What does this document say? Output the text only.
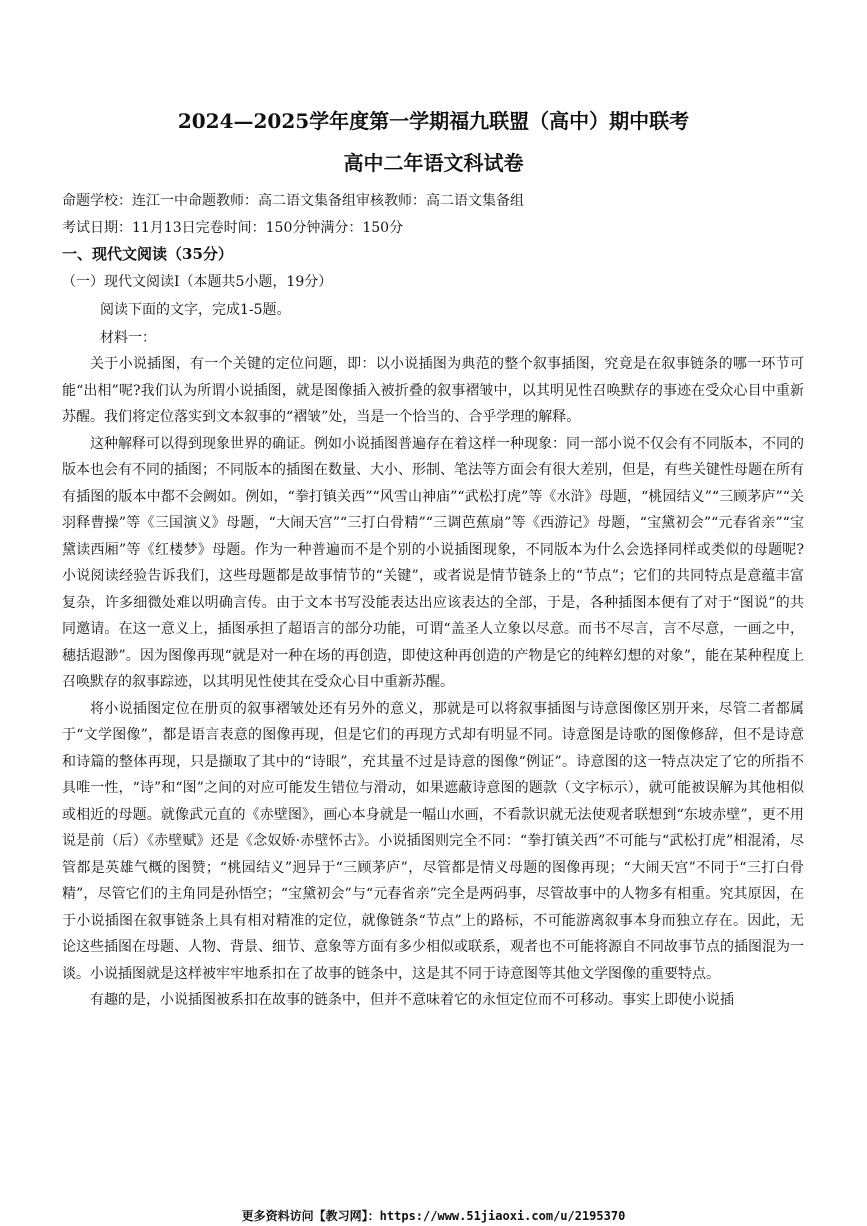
2024—2025学年度第一学期福九联盟（高中）期中联考
高中二年语文科试卷
命题学校：连江一中命题教师：高二语文集备组审核教师：高二语文集备组
考试日期：11月13日完卷时间：150分钟满分：150分
一、现代文阅读（35分）
（一）现代文阅读Ⅰ（本题共5小题，19分）
阅读下面的文字，完成1-5题。
材料一：

关于小说插图，有一个关键的定位问题，即：以小说插图为典范的整个叙事插图，究竟是在叙事链条的哪一环节可能“出相”呢?我们认为所谓小说插图，就是图像插入被折叠的叙事褶皱中，以其明见性召唤默存的事迹在受众心目中重新苏醒。我们将定位落实到文本叙事的“褶皱”处，当是一个恰当的、合乎学理的解释。

这种解释可以得到现象世界的确证。例如小说插图普遍存在着这样一种现象：同一部小说不仅会有不同版本，不同的版本也会有不同的插图；不同版本的插图在数量、大小、形制、笔法等方面会有很大差别，但是，有些关键性母题在所有有插图的版本中都不会阙如。例如，“拳打镇关西”“风雪山神庙”“武松打虎”等《水浒》母题，“桃园结义”“三顾茅庐”“关羽释曹操”等《三国演义》母题，“大闹天宫”“三打白骨精”“三调芭蕉扇”等《西游记》母题，“宝黛初会”“元春省亲”“宝黛读西厢”等《红楼梦》母题。作为一种普遍而不是个别的小说插图现象，不同版本为什么会选择同样或类似的母题呢?小说阅读经验告诉我们，这些母题都是故事情节的“关键”，或者说是情节链条上的“节点”；它们的共同特点是意蕴丰富复杂，许多细微处难以明确言传。由于文本书写没能表达出应该表达的全部，于是，各种插图本便有了对于“图说”的共同邀请。在这一意义上，插图承担了超语言的部分功能，可谓“盖圣人立象以尽意。而书不尽言，言不尽意，一画之中，穗括遐渺”。因为图像再现“就是对一种在场的再创造，即使这种再创造的产物是它的纯粹幻想的对象”，能在某种程度上召唤默存的叙事踪迹，以其明见性使其在受众心目中重新苏醒。

将小说插图定位在册页的叙事褶皱处还有另外的意义，那就是可以将叙事插图与诗意图像区别开来，尽管二者都属于“文学图像”，都是语言表意的图像再现，但是它们的再现方式却有明显不同。诗意图是诗歌的图像修辞，但不是诗意和诗篇的整体再现，只是撷取了其中的“诗眼”，充其量不过是诗意的图像“例证”。诗意图的这一特点决定了它的所指不具唯一性，“诗”和“图”之间的对应可能发生错位与滑动，如果遮蔽诗意图的题款（文字标示），就可能被误解为其他相似或相近的母题。就像武元直的《赤壁图》，画心本身就是一幅山水画，不看款识就无法使观者联想到“东坡赤壁”，更不用说是前（后）《赤壁赋》还是《念奴娇·赤壁怀古》。小说插图则完全不同：“拳打镇关西”不可能与“武松打虎”相混淆，尽管都是英雄气概的图赞；“桃园结义”迥异于“三顾茅庐”，尽管都是情义母题的图像再现；“大闹天宫”不同于“三打白骨精”，尽管它们的主角同是孙悟空；“宝黛初会”与“元春省亲”完全是两码事，尽管故事中的人物多有相重。究其原因，在于小说插图在叙事链条上具有相对精准的定位，就像链条“节点”上的路标，不可能游离叙事本身而独立存在。因此，无论这些插图在母题、人物、背景、细节、意象等方面有多少相似或联系，观者也不可能将源自不同故事节点的插图混为一谈。小说插图就是这样被牢牢地系扣在了故事的链条中，这是其不同于诗意图等其他文学图像的重要特点。

有趣的是，小说插图被系扣在故事的链条中，但并不意味着它的永恒定位而不可移动。事实上即使小说插

更多资料访问【教习网】：https://www.51jiaoxi.com/u/2195370
